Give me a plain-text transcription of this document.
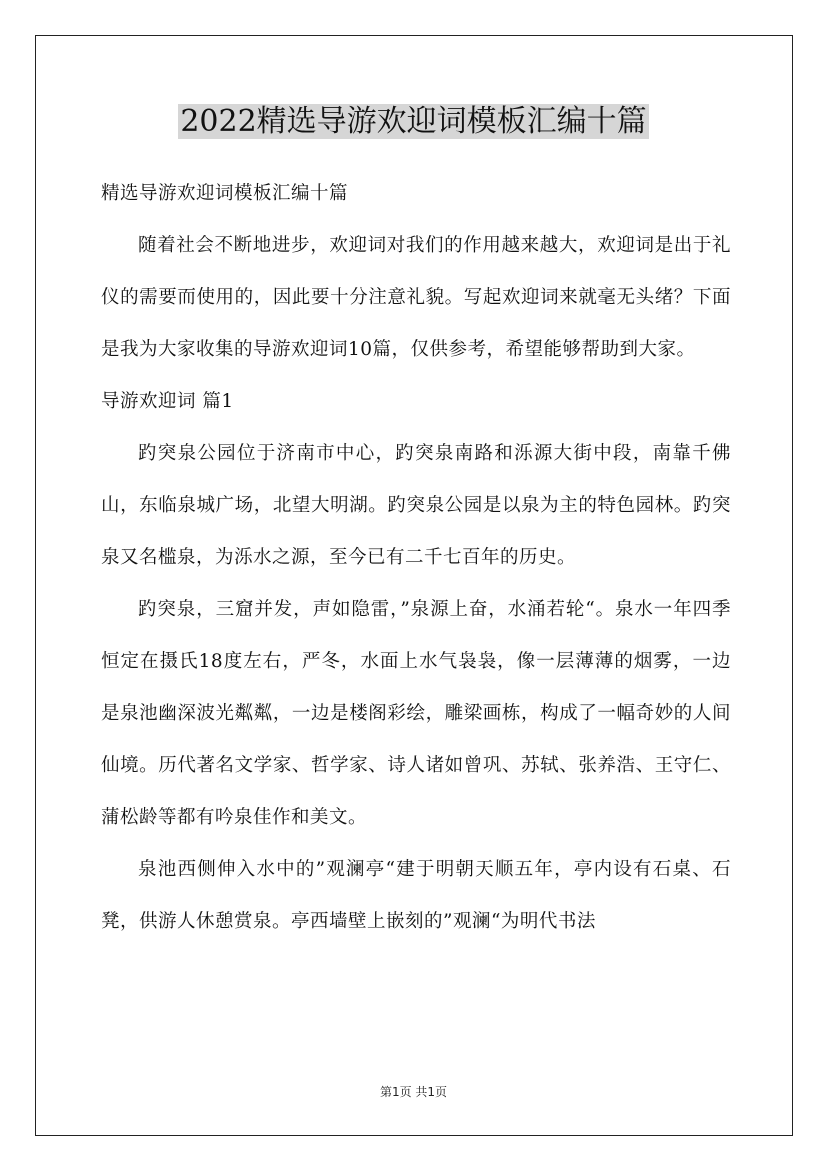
2022精选导游欢迎词模板汇编十篇

精选导游欢迎词模板汇编十篇

随着社会不断地进步，欢迎词对我们的作用越来越大，欢迎词是出于礼仪的需要而使用的，因此要十分注意礼貌。写起欢迎词来就毫无头绪？下面是我为大家收集的导游欢迎词10篇，仅供参考，希望能够帮助到大家。

导游欢迎词 篇1

趵突泉公园位于济南市中心，趵突泉南路和泺源大街中段，南靠千佛山，东临泉城广场，北望大明湖。趵突泉公园是以泉为主的特色园林。趵突泉又名槛泉，为泺水之源，至今已有二千七百年的历史。

趵突泉，三窟并发，声如隐雷，”泉源上奋，水涌若轮“。泉水一年四季恒定在摄氏18度左右，严冬，水面上水气袅袅，像一层薄薄的烟雾，一边是泉池幽深波光粼粼，一边是楼阁彩绘，雕梁画栋，构成了一幅奇妙的人间仙境。历代著名文学家、哲学家、诗人诸如曾巩、苏轼、张养浩、王守仁、蒲松龄等都有吟泉佳作和美文。

泉池西侧伸入水中的”观澜亭“建于明朝天顺五年，亭内设有石桌、石凳，供游人休憩赏泉。亭西墙壁上嵌刻的”观澜“为明代书法

第1页 共1页
